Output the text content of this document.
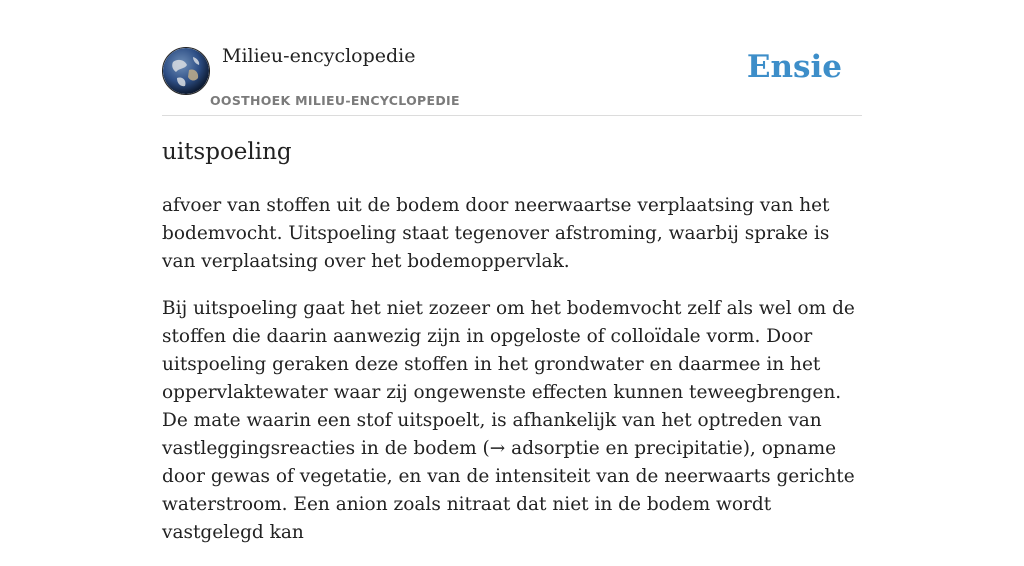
Milieu-encyclopedie
OOSTHOEK MILIEU-ENCYCLOPEDIE
Ensie
uitspoeling

afvoer van stoffen uit de bodem door neerwaartse verplaatsing van het bodemvocht. Uitspoeling staat tegenover afstroming, waarbij sprake is van verplaatsing over het bodemoppervlak.

Bij uitspoeling gaat het niet zozeer om het bodemvocht zelf als wel om de stoffen die daarin aanwezig zijn in opgeloste of colloïdale vorm. Door uitspoeling geraken deze stoffen in het grondwater en daarmee in het oppervlaktewater waar zij ongewenste effecten kunnen teweegbrengen. De mate waarin een stof uitspoelt, is afhankelijk van het optreden van vastleggingsreacties in de bodem (→ adsorptie en precipitatie), opname door gewas of vegetatie, en van de intensiteit van de neerwaarts gerichte waterstroom. Een anion zoals nitraat dat niet in de bodem wordt vastgelegd kan
